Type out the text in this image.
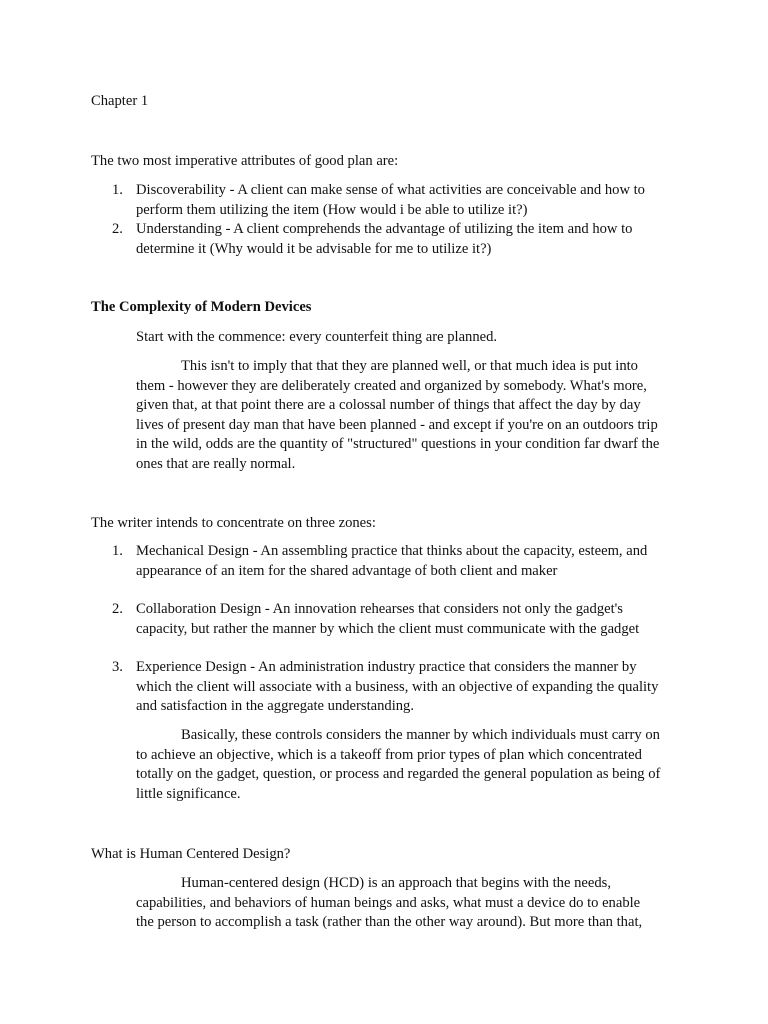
Chapter 1
The two most imperative attributes of good plan are:
1. Discoverability - A client can make sense of what activities are conceivable and how to
perform them utilizing the item (How would i be able to utilize it?)
2. Understanding - A client comprehends the advantage of utilizing the item and how to
determine it (Why would it be advisable for me to utilize it?)
The Complexity of Modern Devices
Start with the commence: every counterfeit thing are planned.
This isn't to imply that that they are planned well, or that much idea is put into
them - however they are deliberately created and organized by somebody. What's more,
given that, at that point there are a colossal number of things that affect the day by day
lives of present day man that have been planned - and except if you're on an outdoors trip
in the wild, odds are the quantity of "structured" questions in your condition far dwarf the
ones that are really normal.
The writer intends to concentrate on three zones:
1. Mechanical Design - An assembling practice that thinks about the capacity, esteem, and
appearance of an item for the shared advantage of both client and maker
2. Collaboration Design - An innovation rehearses that considers not only the gadget's
capacity, but rather the manner by which the client must communicate with the gadget
3. Experience Design - An administration industry practice that considers the manner by
which the client will associate with a business, with an objective of expanding the quality
and satisfaction in the aggregate understanding.
Basically, these controls considers the manner by which individuals must carry on
to achieve an objective, which is a takeoff from prior types of plan which concentrated
totally on the gadget, question, or process and regarded the general population as being of
little significance.
What is Human Centered Design?
Human-centered design (HCD) is an approach that begins with the needs,
capabilities, and behaviors of human beings and asks, what must a device do to enable
the person to accomplish a task (rather than the other way around). But more than that,
